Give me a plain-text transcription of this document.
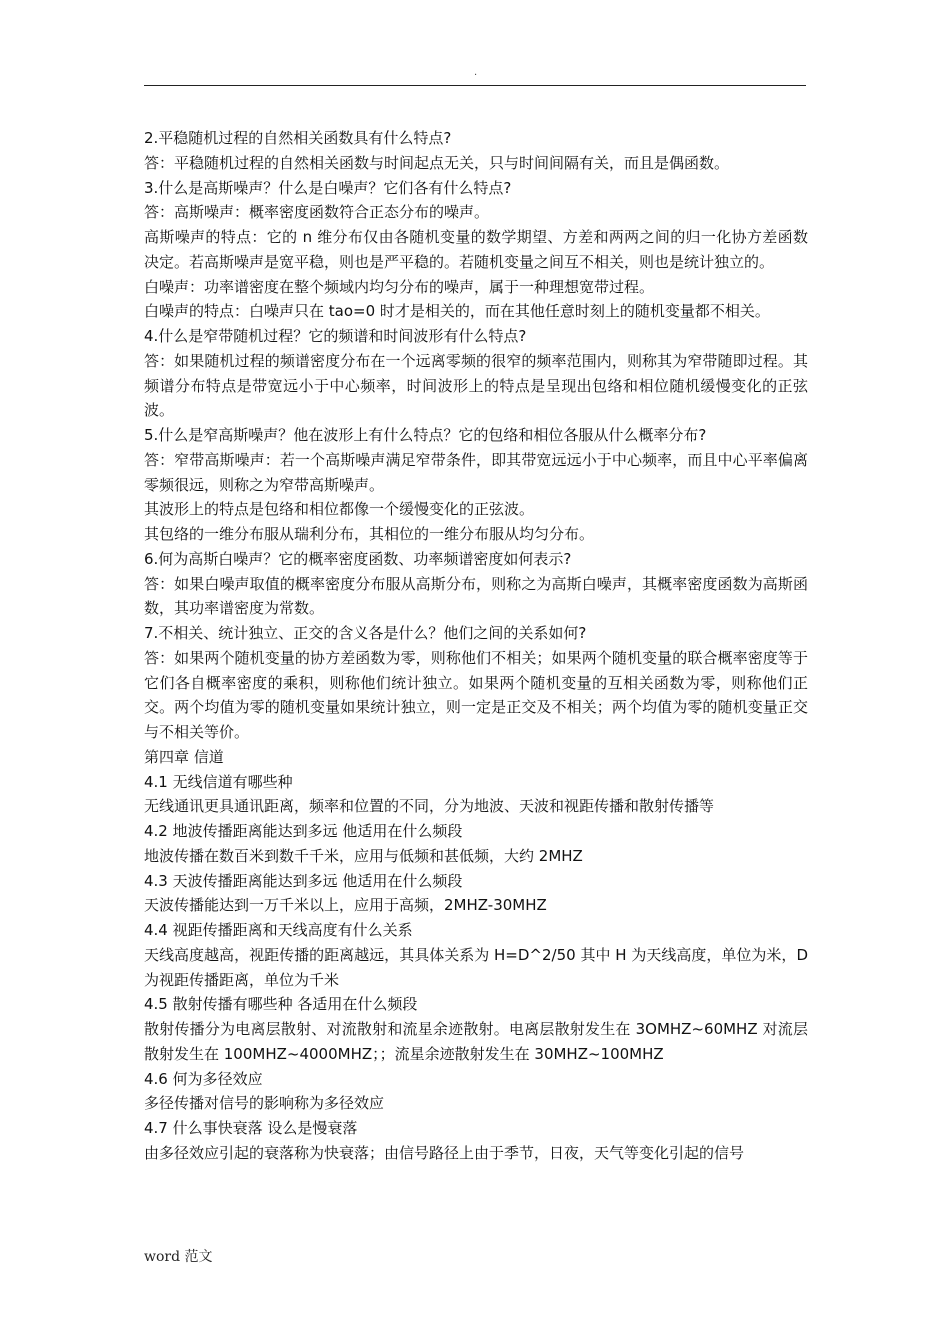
.

2.平稳随机过程的自然相关函数具有什么特点?

答：平稳随机过程的自然相关函数与时间起点无关，只与时间间隔有关，而且是偶函数。

3.什么是高斯噪声？什么是白噪声？它们各有什么特点?

答：高斯噪声：概率密度函数符合正态分布的噪声。

高斯噪声的特点：它的 n 维分布仅由各随机变量的数学期望、方差和两两之间的归一化协方差函数决定。若高斯噪声是宽平稳，则也是严平稳的。若随机变量之间互不相关，则也是统计独立的。

白噪声：功率谱密度在整个频域内均匀分布的噪声，属于一种理想宽带过程。

白噪声的特点：白噪声只在 tao=0 时才是相关的，而在其他任意时刻上的随机变量都不相关。

4.什么是窄带随机过程？它的频谱和时间波形有什么特点?

答：如果随机过程的频谱密度分布在一个远离零频的很窄的频率范围内，则称其为窄带随即过程。其频谱分布特点是带宽远小于中心频率，时间波形上的特点是呈现出包络和相位随机缓慢变化的正弦波。

5.什么是窄高斯噪声？他在波形上有什么特点？它的包络和相位各服从什么概率分布?

答：窄带高斯噪声：若一个高斯噪声满足窄带条件，即其带宽远远小于中心频率，而且中心平率偏离零频很远，则称之为窄带高斯噪声。

其波形上的特点是包络和相位都像一个缓慢变化的正弦波。

其包络的一维分布服从瑞利分布，其相位的一维分布服从均匀分布。

6.何为高斯白噪声？它的概率密度函数、功率频谱密度如何表示?

答：如果白噪声取值的概率密度分布服从高斯分布，则称之为高斯白噪声，其概率密度函数为高斯函数，其功率谱密度为常数。

7.不相关、统计独立、正交的含义各是什么？他们之间的关系如何?

答：如果两个随机变量的协方差函数为零，则称他们不相关；如果两个随机变量的联合概率密度等于它们各自概率密度的乘积，则称他们统计独立。如果两个随机变量的互相关函数为零，则称他们正交。两个均值为零的随机变量如果统计独立，则一定是正交及不相关；两个均值为零的随机变量正交与不相关等价。

第四章 信道

4.1 无线信道有哪些种

无线通讯更具通讯距离，频率和位置的不同，分为地波、天波和视距传播和散射传播等

4.2 地波传播距离能达到多远 他适用在什么频段

地波传播在数百米到数千千米，应用与低频和甚低频，大约 2MHZ

4.3 天波传播距离能达到多远 他适用在什么频段

天波传播能达到一万千米以上，应用于高频，2MHZ-30MHZ

4.4 视距传播距离和天线高度有什么关系

天线高度越高，视距传播的距离越远，其具体关系为 H=D^2/50 其中 H 为天线高度，单位为米，D 为视距传播距离，单位为千米

4.5 散射传播有哪些种 各适用在什么频段

散射传播分为电离层散射、对流散射和流星余迹散射。电离层散射发生在 3OMHZ~60MHZ 对流层散射发生在 100MHZ~4000MHZ；；流星余迹散射发生在 30MHZ~100MHZ

4.6 何为多径效应

多径传播对信号的影响称为多径效应

4.7 什么事快衰落 设么是慢衰落

由多径效应引起的衰落称为快衰落；由信号路径上由于季节，日夜，天气等变化引起的信号

word 范文
